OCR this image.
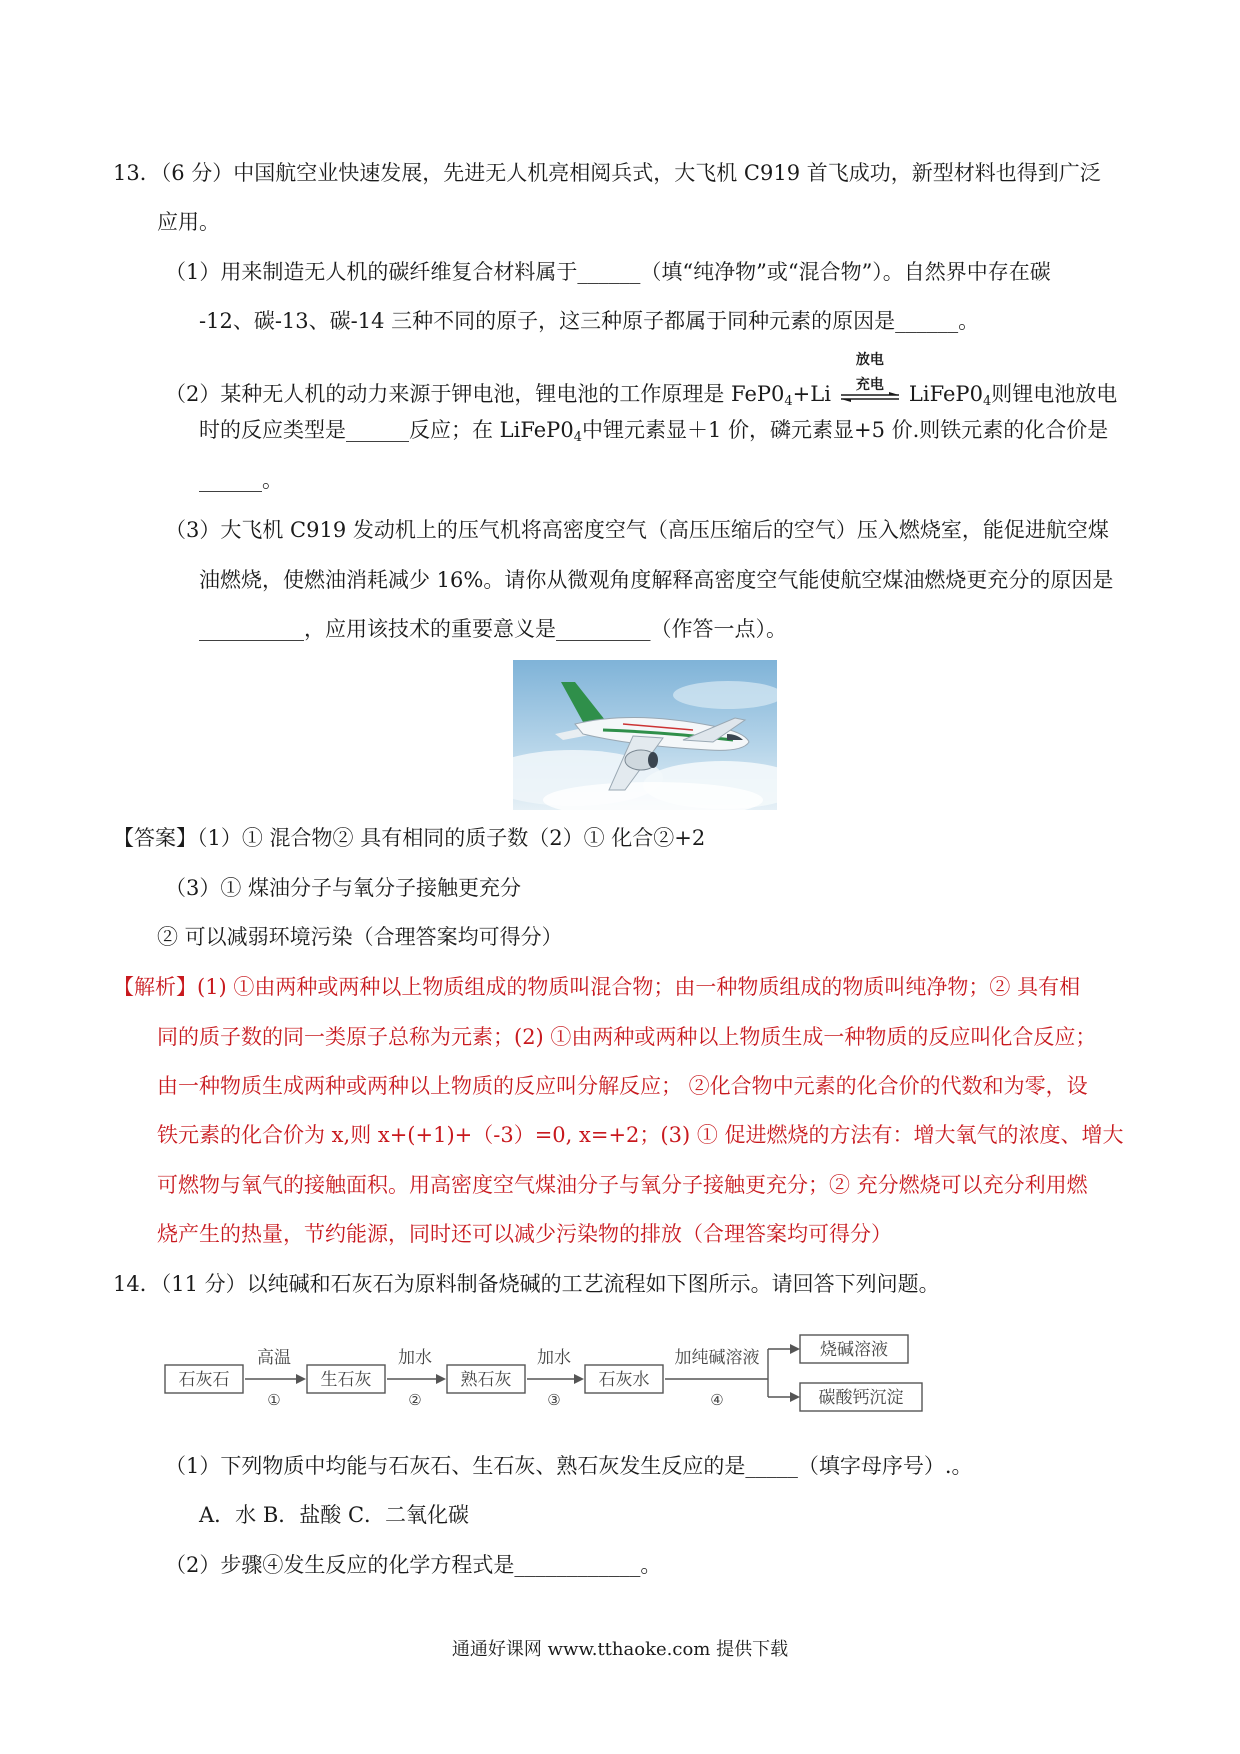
13．（6 分）中国航空业快速发展，先进无人机亮相阅兵式，大飞机 C919 首飞成功，新型材料也得到广泛
应用。
（1）用来制造无人机的碳纤维复合材料属于______（填“纯净物”或“混合物”）。自然界中存在碳
-12、碳-13、碳-14 三种不同的原子，这三种原子都属于同种元素的原因是______。
（2）某种无人机的动力来源于钾电池，锂电池的工作原理是 $FeP0_4+Li$
放电
充电	$LiFeP0_4$则锂电池放电
时的反应类型是______反应；在 $LiFeP0_4$中锂元素显＋1 价，磷元素显+5 价.则铁元素的化合价是
______。
（3）大飞机 C919 发动机上的压气机将高密度空气（高压压缩后的空气）压入燃烧室，能促进航空煤
油燃烧，使燃油消耗减少 16%。请你从微观角度解释高密度空气能使航空煤油燃烧更充分的原因是
__________，应用该技术的重要意义是_________（作答一点）。
【答案】（1）① 混合物② 具有相同的质子数（2）① 化合②+2
（3）① 煤油分子与氧分子接触更充分
② 可以减弱环境污染（合理答案均可得分）
【解析】(1) ①由两种或两种以上物质组成的物质叫混合物；由一种物质组成的物质叫纯净物；② 具有相
同的质子数的同一类原子总称为元素；(2) ①由两种或两种以上物质生成一种物质的反应叫化合反应；
由一种物质生成两种或两种以上物质的反应叫分解反应； ②化合物中元素的化合价的代数和为零，设
铁元素的化合价为 x,则 x+(+1)+（-3）=0, x=+2；(3) ① 促进燃烧的方法有：增大氧气的浓度、增大
可燃物与氧气的接触面积。用高密度空气煤油分子与氧分子接触更充分；② 充分燃烧可以充分利用燃
烧产生的热量，节约能源，同时还可以减少污染物的排放（合理答案均可得分）
14．（11 分）以纯碱和石灰石为原料制备烧碱的工艺流程如下图所示。请回答下列问题。
石灰石	生石灰	熟石灰	石灰水
烧碱溶液
碳酸钙沉淀
高温
①
加水
②
加水
③
加纯碱溶液
④
（1）下列物质中均能与石灰石、生石灰、熟石灰发生反应的是_____（填字母序号）.。
A．水 B．盐酸 C．二氧化碳
（2）步骤④发生反应的化学方程式是____________。
通通好课网 www.tthaoke.com 提供下载
